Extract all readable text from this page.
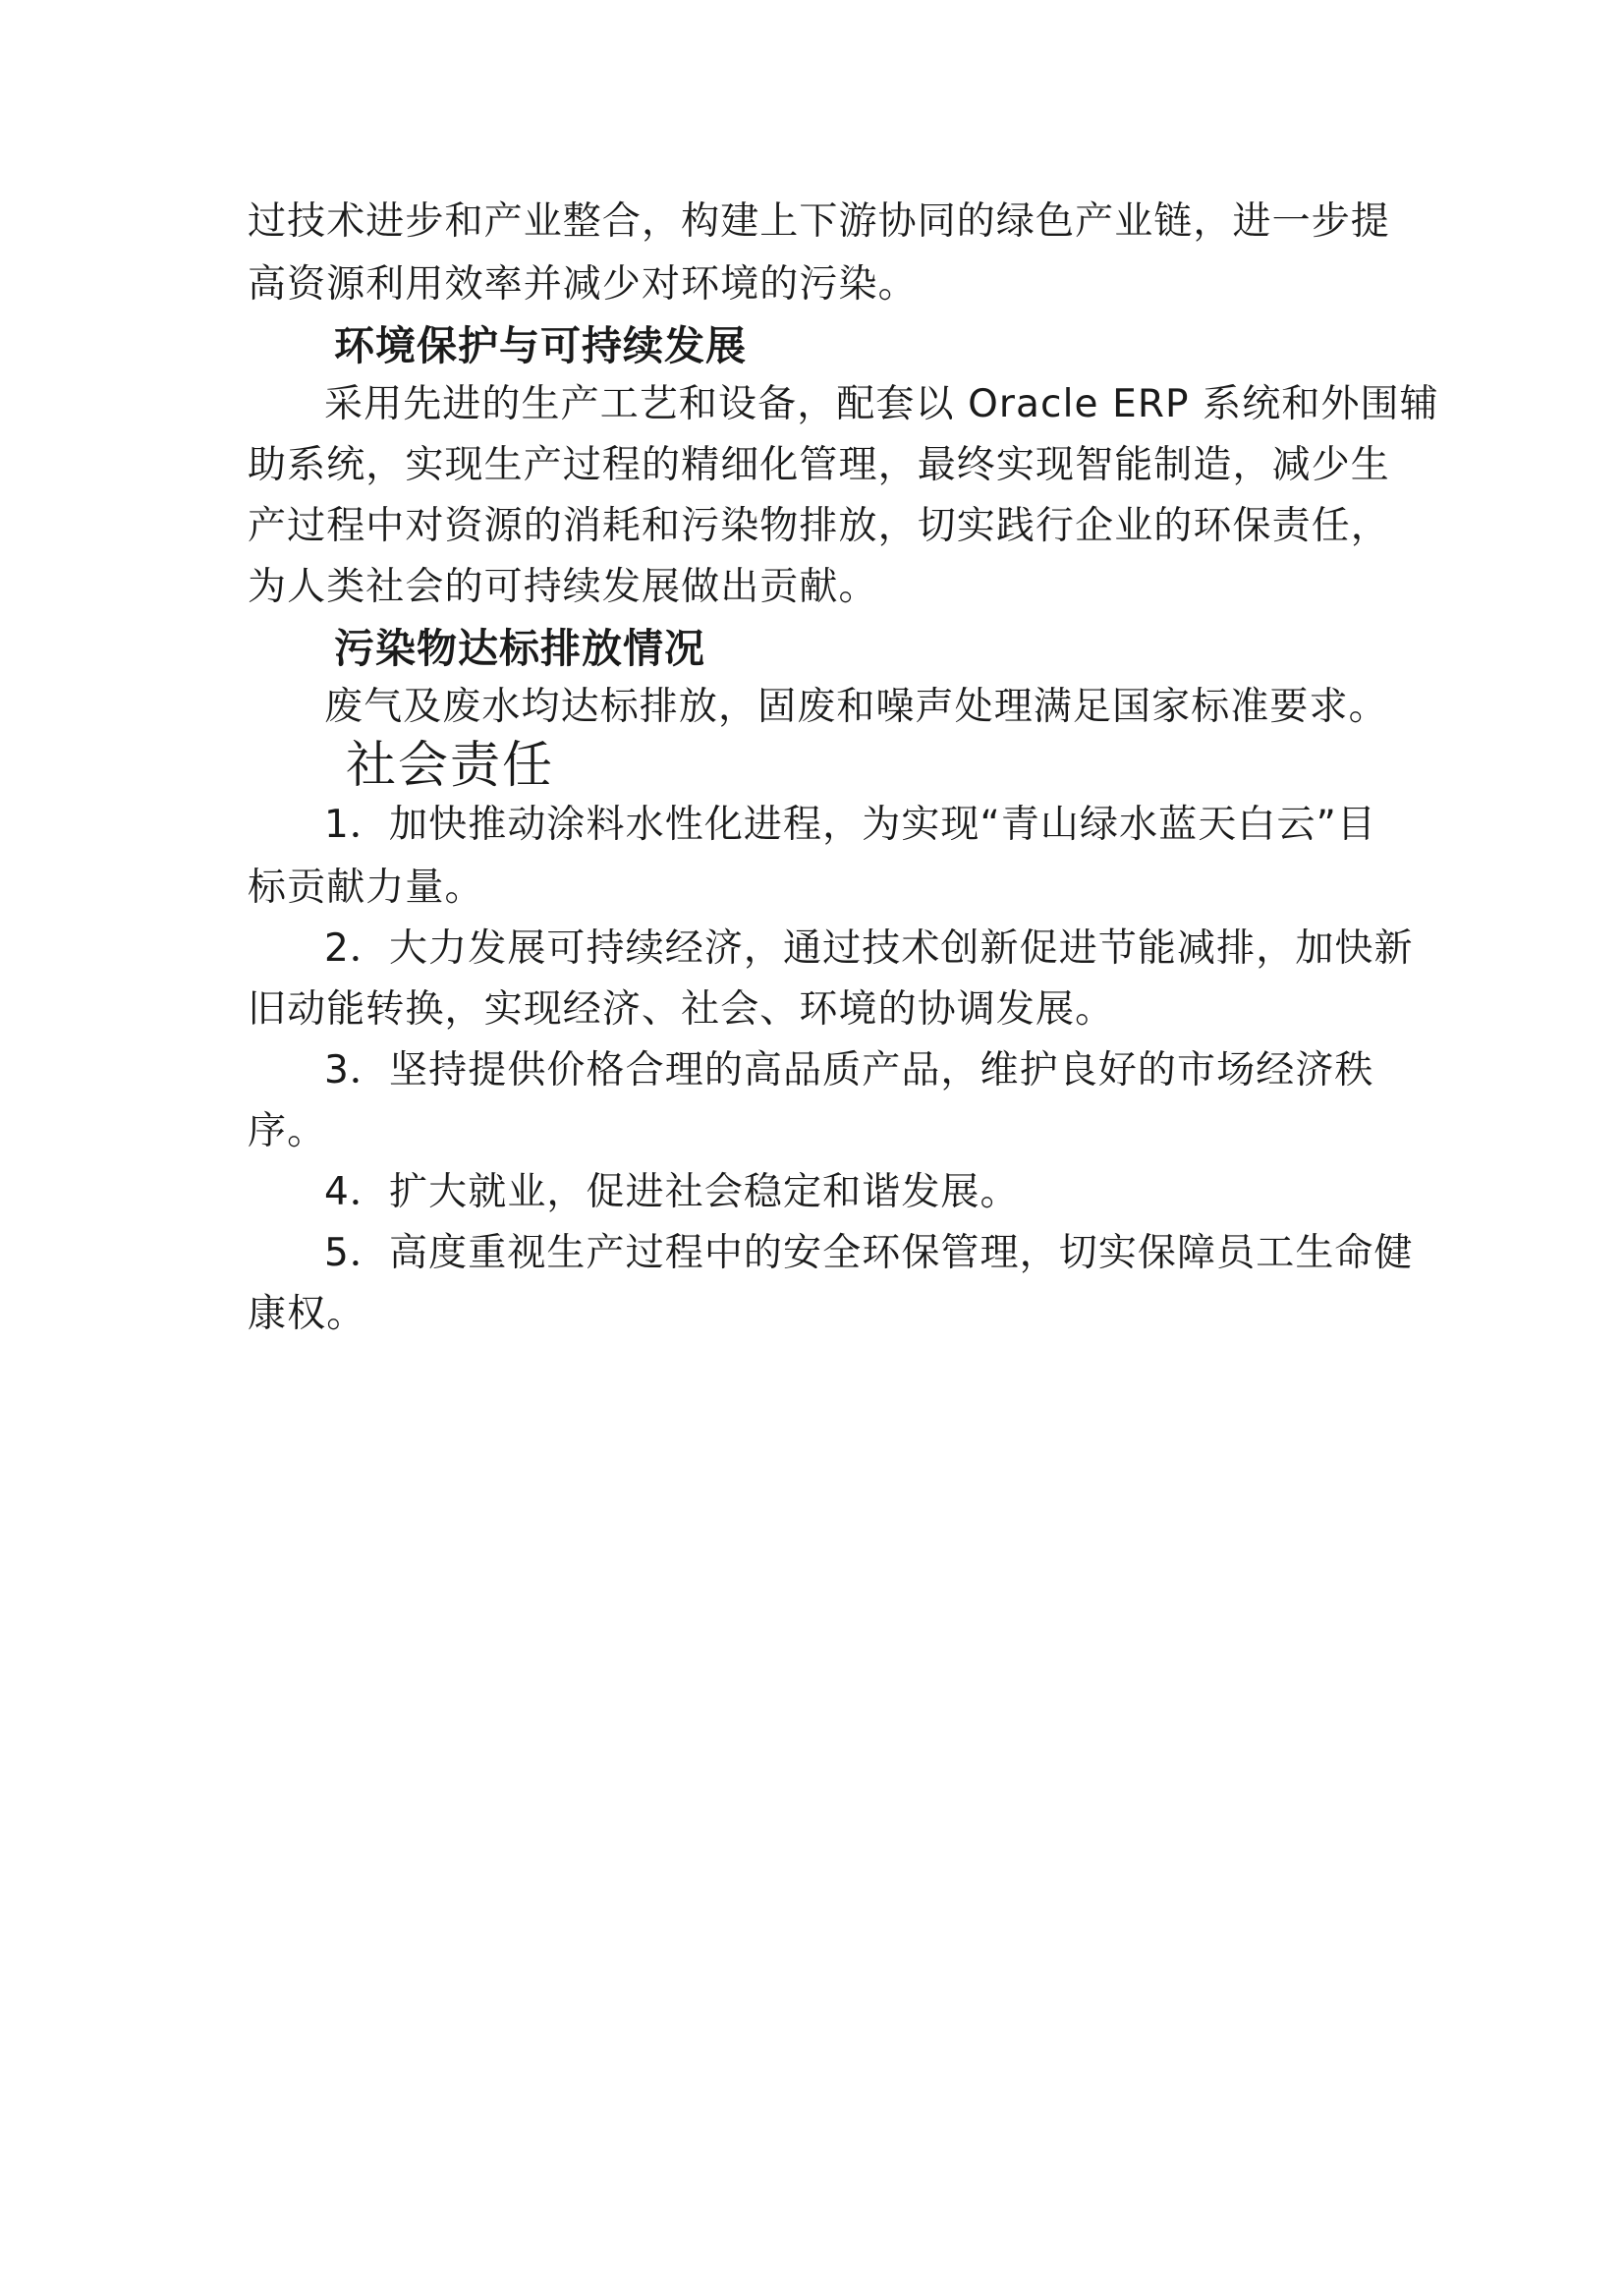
过技术进步和产业整合，构建上下游协同的绿色产业链，进一步提
高资源利用效率并减少对环境的污染。
环境保护与可持续发展
采用先进的生产工艺和设备，配套以 Oracle ERP 系统和外围辅
助系统，实现生产过程的精细化管理，最终实现智能制造，减少生
产过程中对资源的消耗和污染物排放，切实践行企业的环保责任，
为人类社会的可持续发展做出贡献。
污染物达标排放情况
废气及废水均达标排放，固废和噪声处理满足国家标准要求。
社会责任
1．加快推动涂料水性化进程，为实现“青山绿水蓝天白云”目
标贡献力量。
2．大力发展可持续经济，通过技术创新促进节能减排，加快新
旧动能转换，实现经济、社会、环境的协调发展。
3．坚持提供价格合理的高品质产品，维护良好的市场经济秩
序。
4．扩大就业，促进社会稳定和谐发展。
5．高度重视生产过程中的安全环保管理，切实保障员工生命健
康权。
